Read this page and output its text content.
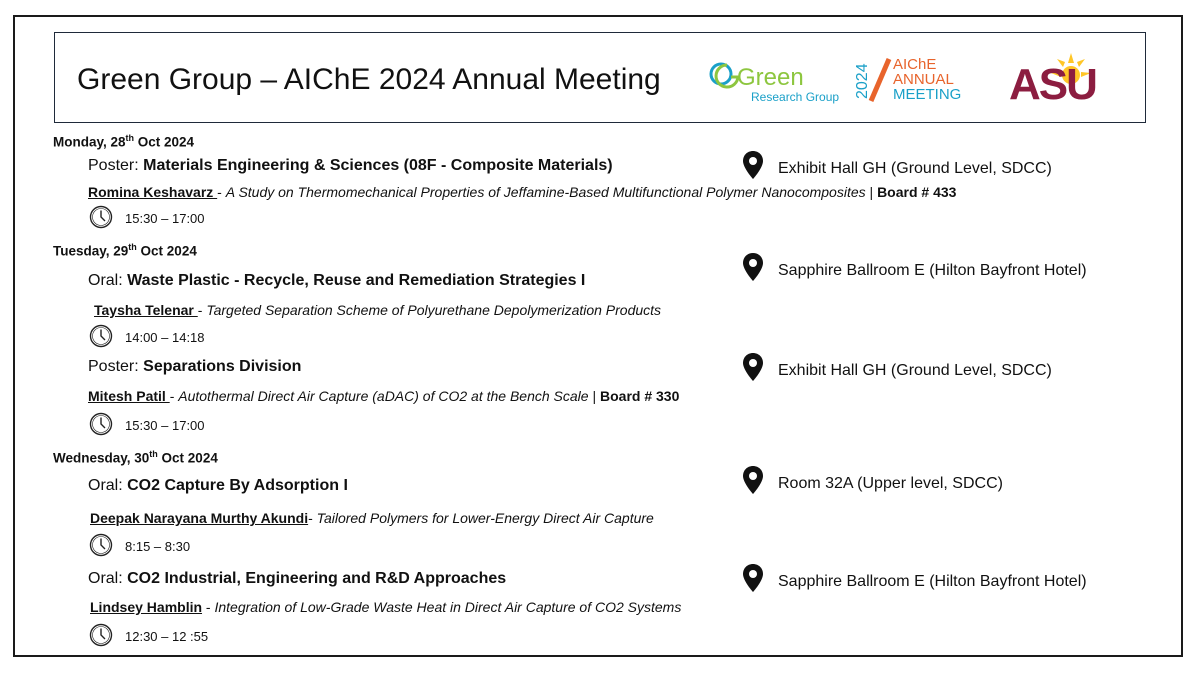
Green Group – AIChE 2024 Annual Meeting	Green
Research Group 2024 AIChE
ANNUAL
MEETING ASU
Monday, 28th Oct 2024
Poster: Materials Engineering & Sciences (08F - Composite Materials)	Exhibit Hall GH (Ground Level, SDCC)
Romina Keshavarz - A Study on Thermomechanical Properties of Jeffamine-Based Multifunctional Polymer Nanocomposites | Board # 433
15:30 – 17:00
Tuesday, 29th Oct 2024
Oral: Waste Plastic - Recycle, Reuse and Remediation Strategies I
Sapphire Ballroom E (Hilton Bayfront Hotel)
Taysha Telenar - Targeted Separation Scheme of Polyurethane Depolymerization Products
14:00 – 14:18
Poster: Separations Division	Exhibit Hall GH (Ground Level, SDCC)
Mitesh Patil - Autothermal Direct Air Capture (aDAC) of CO2 at the Bench Scale | Board # 330
15:30 – 17:00
Wednesday, 30th Oct 2024
Oral: CO2 Capture By Adsorption I	Room 32A (Upper level, SDCC)
Deepak Narayana Murthy Akundi- Tailored Polymers for Lower-Energy Direct Air Capture
8:15 – 8:30
Oral: CO2 Industrial, Engineering and R&D Approaches	Sapphire Ballroom E (Hilton Bayfront Hotel)
Lindsey Hamblin - Integration of Low-Grade Waste Heat in Direct Air Capture of CO2 Systems
12:30 – 12 :55
